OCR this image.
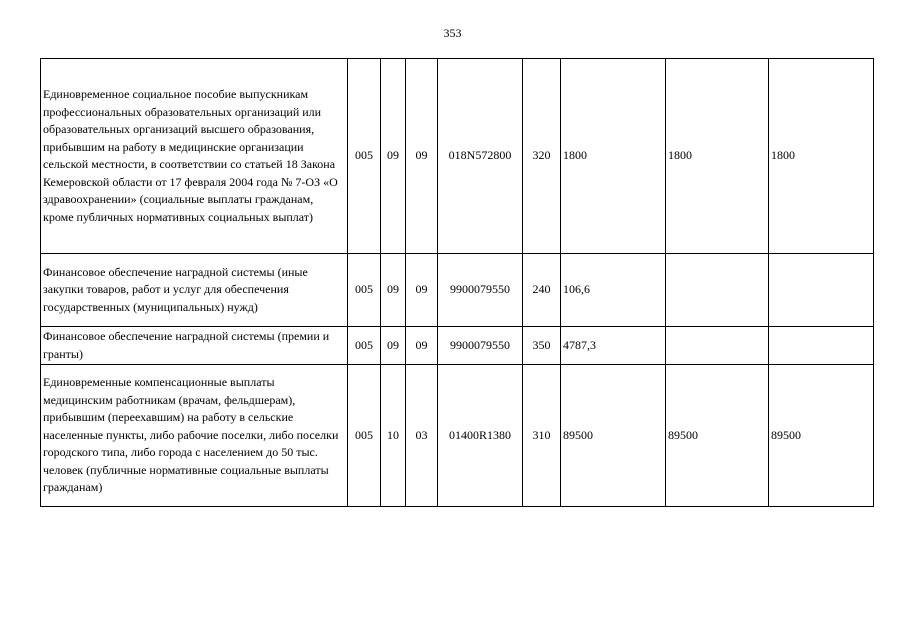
353
Единовременное социальное пособие выпускникам профессиональных образовательных организаций или образовательных организаций высшего образования, прибывшим на работу в медицинские организации сельской местности, в соответствии со статьей 18 Закона Кемеровской области от 17 февраля 2004 года № 7-ОЗ «О здравоохранении» (социальные выплаты гражданам, кроме публичных нормативных социальных выплат)	005	09	09	018N572800	320	1800	1800	1800
Финансовое обеспечение наградной системы (иные закупки товаров, работ и услуг для обеспечения государственных (муниципальных) нужд)	005	09	09	9900079550	240	106,6		
Финансовое обеспечение наградной системы (премии и гранты)	005	09	09	9900079550	350	4787,3		
Единовременные компенсационные выплаты медицинским работникам (врачам, фельдшерам), прибывшим (переехавшим) на работу в сельские населенные пункты, либо рабочие поселки, либо поселки городского типа, либо города с населением до 50 тыс. человек (публичные нормативные социальные выплаты гражданам)	005	10	03	01400R1380	310	89500	89500	89500
